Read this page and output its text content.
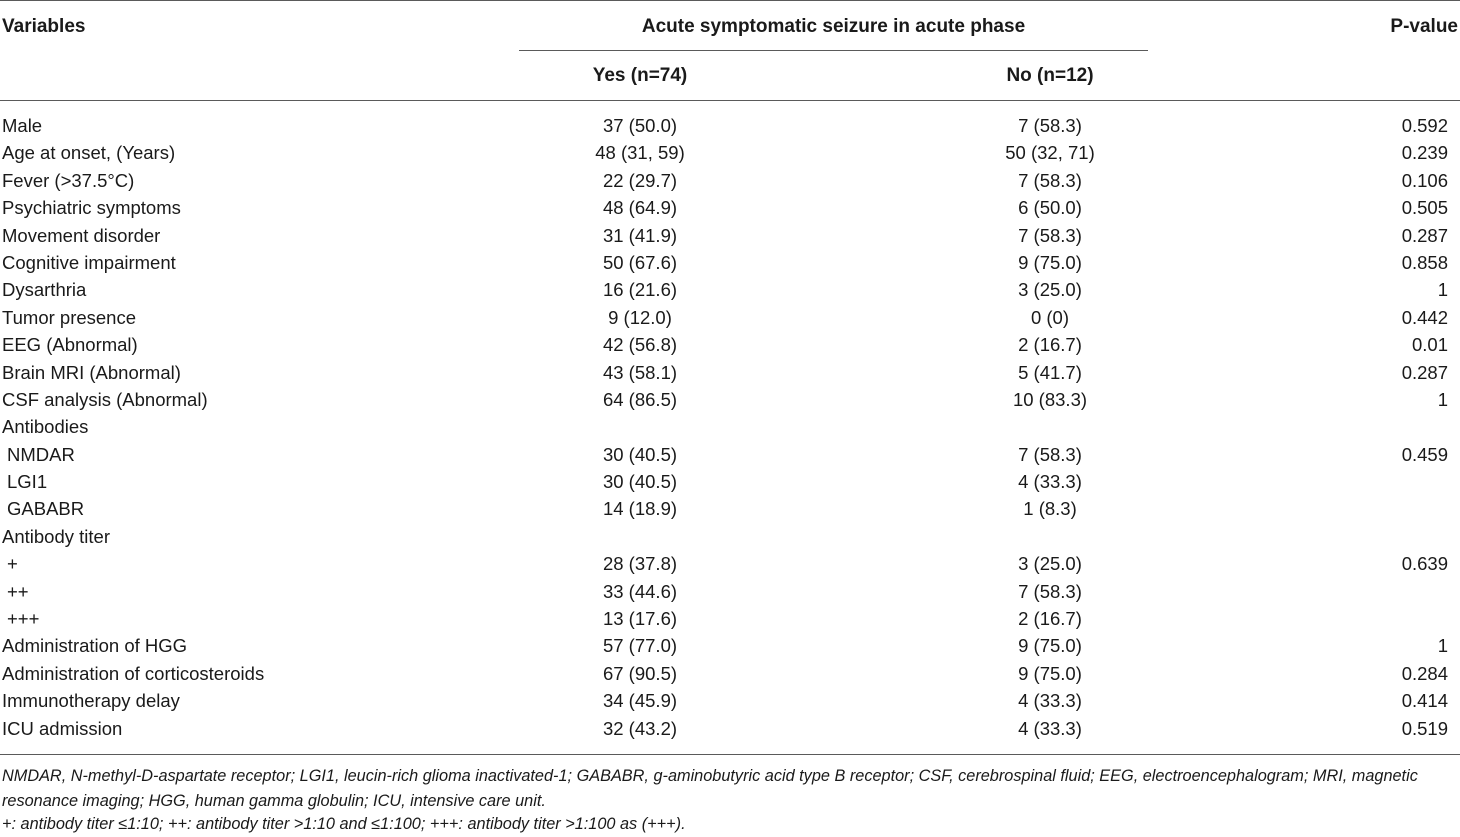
Variables	Acute symptomatic seizure in acute phase	P-value
Yes (n=74)	No (n=12)
Male	37 (50.0)	7 (58.3)	0.592
Age at onset, (Years)	48 (31, 59)	50 (32, 71)	0.239
Fever (>37.5°C)	22 (29.7)	7 (58.3)	0.106
Psychiatric symptoms	48 (64.9)	6 (50.0)	0.505
Movement disorder	31 (41.9)	7 (58.3)	0.287
Cognitive impairment	50 (67.6)	9 (75.0)	0.858
Dysarthria	16 (21.6)	3 (25.0)	1
Tumor presence	9 (12.0)	0 (0)	0.442
EEG (Abnormal)	42 (56.8)	2 (16.7)	0.01
Brain MRI (Abnormal)	43 (58.1)	5 (41.7)	0.287
CSF analysis (Abnormal)	64 (86.5)	10 (83.3)	1
Antibodies
NMDAR	30 (40.5)	7 (58.3)	0.459
LGI1	30 (40.5)	4 (33.3)
GABABR	14 (18.9)	1 (8.3)
Antibody titer
+	28 (37.8)	3 (25.0)	0.639
++	33 (44.6)	7 (58.3)
+++	13 (17.6)	2 (16.7)
Administration of HGG	57 (77.0)	9 (75.0)	1
Administration of corticosteroids	67 (90.5)	9 (75.0)	0.284
Immunotherapy delay	34 (45.9)	4 (33.3)	0.414
ICU admission	32 (43.2)	4 (33.3)	0.519

NMDAR, N-methyl-D-aspartate receptor; LGI1, leucin-rich glioma inactivated-1; GABABR, g-aminobutyric acid type B receptor; CSF, cerebrospinal fluid; EEG, electroencephalogram; MRI, magnetic resonance imaging; HGG, human gamma globulin; ICU, intensive care unit.

+: antibody titer ≤1:10; ++: antibody titer >1:10 and ≤1:100; +++: antibody titer >1:100 as (+++).
